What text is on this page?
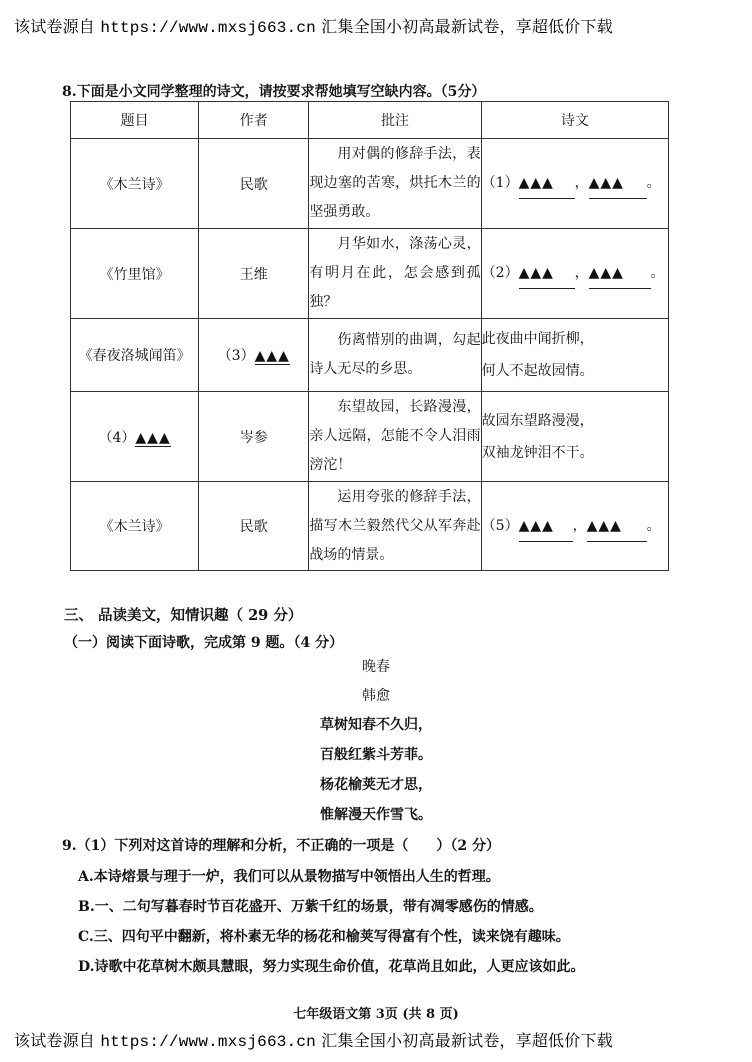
该试卷源自 https://www.mxsj663.cn 汇集全国小初高最新试卷，享超低价下载
8.下面是小文同学整理的诗文，请按要求帮她填写空缺内容。（5分）
题目	作者	批注	诗文
《木兰诗》	民歌	用对偶的修辞手法，表现边塞的苦寒，烘托木兰的坚强勇敢。	（1）▲▲▲ ，▲▲▲ 。
《竹里馆》	王维	月华如水，涤荡心灵，有明月在此，怎会感到孤独？	（2）▲▲▲ ，▲▲▲ 。
《春夜洛城闻笛》	（3）▲▲▲	伤离惜别的曲调，勾起诗人无尽的乡思。	此夜曲中闻折柳，
何人不起故园情。

（4）▲▲▲	岑参	东望故园，长路漫漫，亲人远隔，怎能不令人泪雨滂沱！	故园东望路漫漫，
双袖龙钟泪不干。

《木兰诗》	民歌	运用夸张的修辞手法，描写木兰毅然代父从军奔赴战场的情景。	（5）▲▲▲ ，▲▲▲ 。
三、 品读美文，知情识趣（ 29 分）
（一）阅读下面诗歌，完成第 9 题。（4 分）
晚春
韩愈
草树知春不久归，
百般红紫斗芳菲。
杨花榆荚无才思，
惟解漫天作雪飞。
9.（1）下列对这首诗的理解和分析，不正确的一项是（　　）（2 分）
A.本诗熔景与理于一炉，我们可以从景物描写中领悟出人生的哲理。
B.一、二句写暮春时节百花盛开、万紫千红的场景，带有凋零感伤的情感。
C.三、四句平中翻新，将朴素无华的杨花和榆荚写得富有个性，读来饶有趣味。
D.诗歌中花草树木颇具慧眼，努力实现生命价值，花草尚且如此，人更应该如此。
七年级语文第 3页 (共 8 页)
该试卷源自 https://www.mxsj663.cn 汇集全国小初高最新试卷，享超低价下载
